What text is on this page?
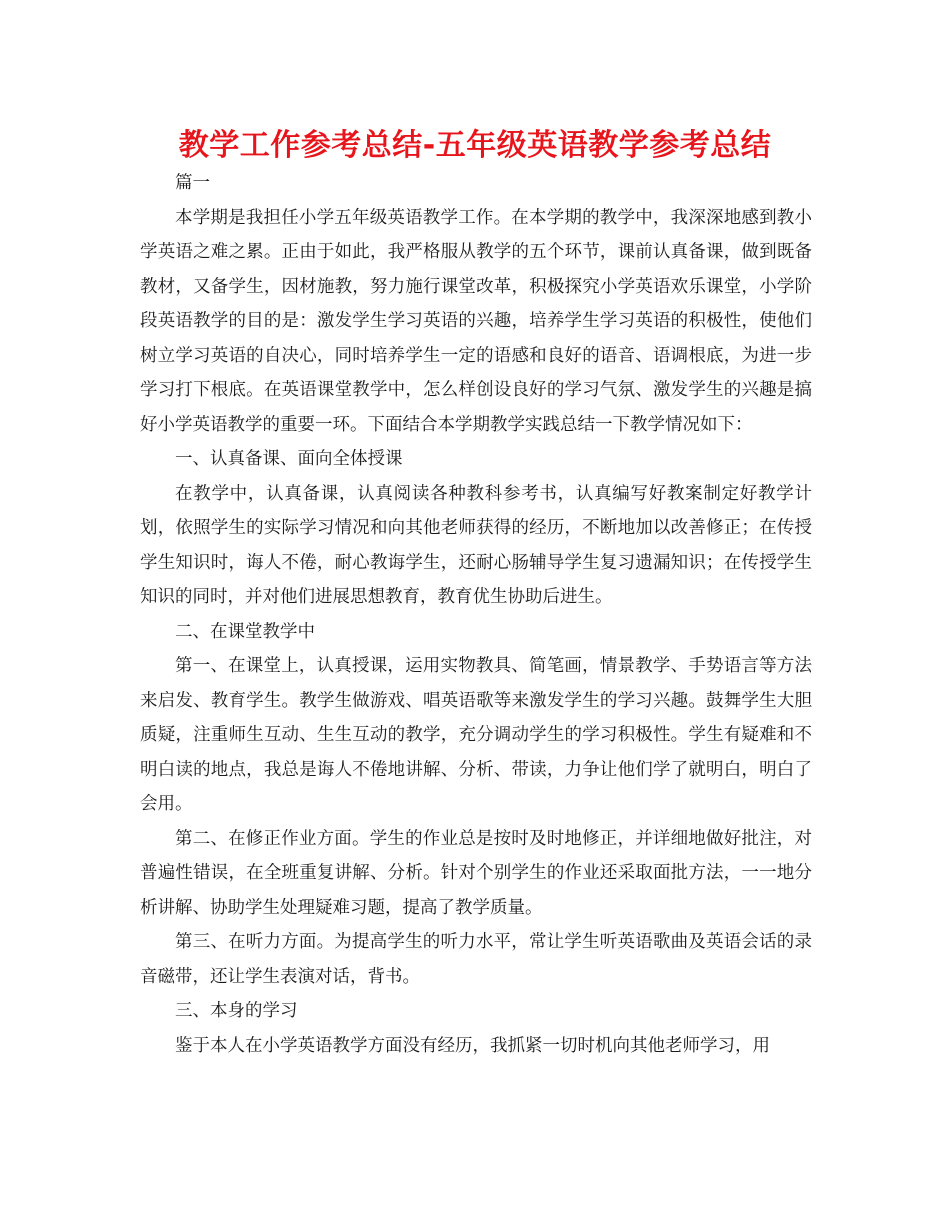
教学工作参考总结-五年级英语教学参考总结

篇一

本学期是我担任小学五年级英语教学工作。在本学期的教学中，我深深地感到教小学英语之难之累。正由于如此，我严格服从教学的五个环节，课前认真备课，做到既备教材，又备学生，因材施教，努力施行课堂改革，积极探究小学英语欢乐课堂，小学阶段英语教学的目的是：激发学生学习英语的兴趣，培养学生学习英语的积极性，使他们树立学习英语的自决心，同时培养学生一定的语感和良好的语音、语调根底，为进一步学习打下根底。在英语课堂教学中，怎么样创设良好的学习气氛、激发学生的兴趣是搞好小学英语教学的重要一环。下面结合本学期教学实践总结一下教学情况如下：

一、认真备课、面向全体授课

在教学中，认真备课，认真阅读各种教科参考书，认真编写好教案制定好教学计划，依照学生的实际学习情况和向其他老师获得的经历，不断地加以改善修正；在传授学生知识时，诲人不倦，耐心教诲学生，还耐心肠辅导学生复习遗漏知识；在传授学生知识的同时，并对他们进展思想教育，教育优生协助后进生。

二、在课堂教学中

第一、在课堂上，认真授课，运用实物教具、简笔画，情景教学、手势语言等方法来启发、教育学生。教学生做游戏、唱英语歌等来激发学生的学习兴趣。鼓舞学生大胆质疑，注重师生互动、生生互动的教学，充分调动学生的学习积极性。学生有疑难和不明白读的地点，我总是诲人不倦地讲解、分析、带读，力争让他们学了就明白，明白了会用。

第二、在修正作业方面。学生的作业总是按时及时地修正，并详细地做好批注，对普遍性错误，在全班重复讲解、分析。针对个别学生的作业还采取面批方法，一一地分析讲解、协助学生处理疑难习题，提高了教学质量。

第三、在听力方面。为提高学生的听力水平，常让学生听英语歌曲及英语会话的录音磁带，还让学生表演对话，背书。

三、本身的学习

鉴于本人在小学英语教学方面没有经历，我抓紧一切时机向其他老师学习，用
